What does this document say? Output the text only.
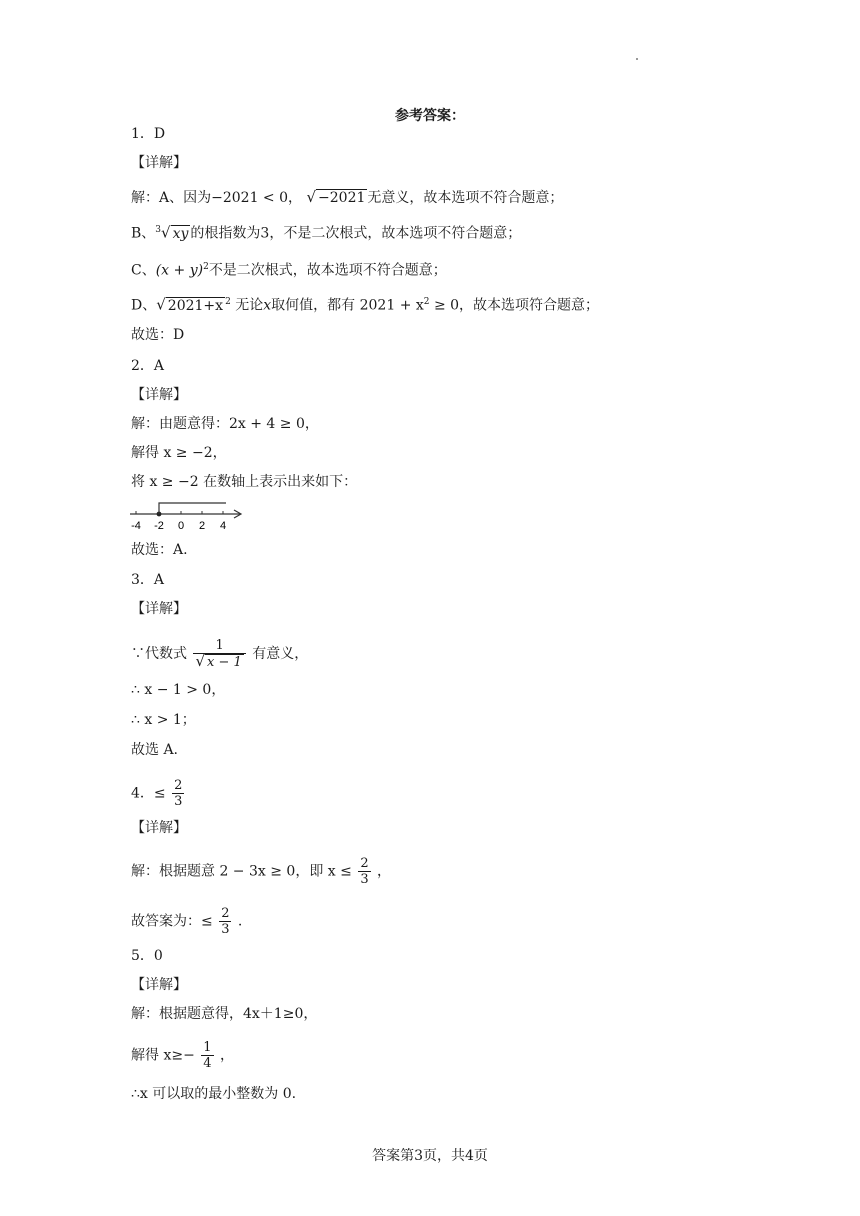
参考答案：
1．D
【详解】
解：A、因为−2021 < 0， √ −2021 无意义，故本选项不符合题意；
B、$^3$√ xy 的根指数为3，不是二次根式，故本选项不符合题意；
C、$(x + y)^2$不是二次根式，故本选项不符合题意；
D、√ 2021+x $^2$ 无论x取何值，都有 $2021 + x^2 \ge 0$，故本选项符合题意；
故选：D
2．A
【详解】
解：由题意得：2x + 4 ≥ 0，
解得 x ≥ −2，
将 x ≥ −2 在数轴上表示出来如下：
-4 -2 0 2 4
故选：A.
3．A
【详解】
∵代数式 $\frac{1}{√ x - 1}$ 有意义，
∴ x − 1 > 0，
∴ x > 1；
故选 A.
4．≤ $\frac{2}{3}$
【详解】
解：根据题意 2 − 3x ≥ 0，即 $x \le \frac{2}{3}$ ，
故答案为：≤ $\frac{2}{3}$ .
5．0
【详解】
解：根据题意得，4x＋1≥0，
解得 $x\ge- \frac{1}{4}$ ，
∴x 可以取的最小整数为 0.
答案第3页，共4页
